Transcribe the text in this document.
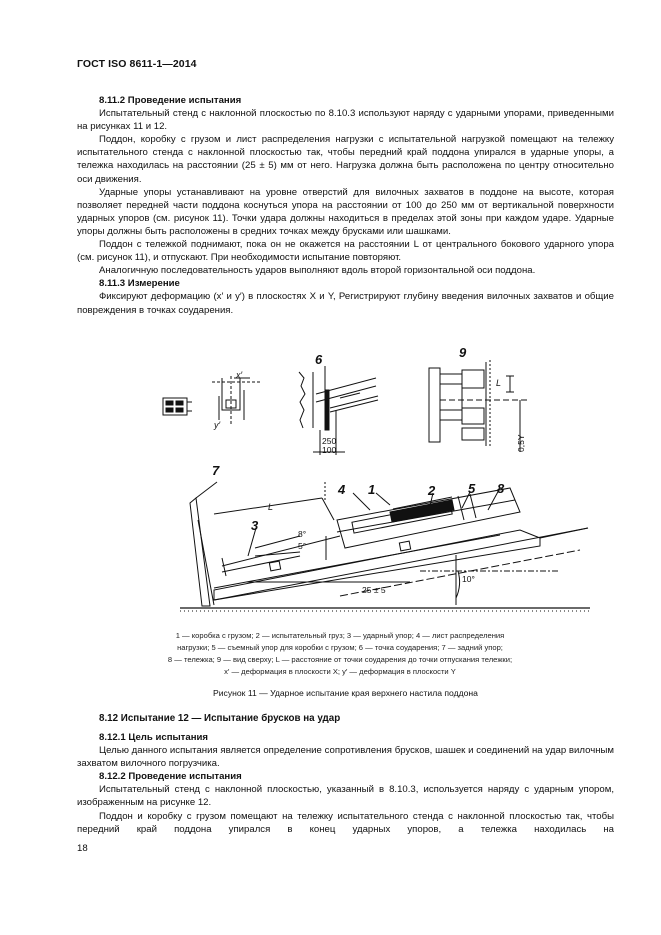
ГОСТ ISO 8611-1—2014

8.11.2 Проведение испытания

Испытательный стенд с наклонной плоскостью по 8.10.3 используют наряду с ударными упорами, приведенными на рисунках 11 и 12.

Поддон, коробку с грузом и лист распределения нагрузки с испытательной нагрузкой помещают на тележку испытательного стенда с наклонной плоскостью так, чтобы передний край поддона упирался в ударные упоры, а тележка находилась на расстоянии (25 ± 5) мм от него. Нагрузка должна быть расположена по центру относительно оси движения.

Ударные упоры устанавливают на уровне отверстий для вилочных захватов в поддоне на высоте, которая позволяет передней части поддона коснуться упора на расстоянии от 100 до 250 мм от вертикальной поверхности ударных упоров (см. рисунок 11). Точки удара должны находиться в пределах этой зоны при каждом ударе. Ударные упоры должны быть расположены в средних точках между брусками или шашками.

Поддон с тележкой поднимают, пока он не окажется на расстоянии L от центрального бокового ударного упора (см. рисунок 11), и отпускают. При необходимости испытание повторяют.

Аналогичную последовательность ударов выполняют вдоль второй горизонтальной оси поддона.

8.11.3 Измерение

Фиксируют деформацию (x′ и y′) в плоскостях X и Y, Регистрируют глубину введения вилочных захватов и общие повреждения в точках соударения.

6	9
7
4 1	2	5 8
3
L
L
x′
y′
250
100
8°
5°
10°
25 ± 5
0,5Y
1 — коробка с грузом; 2 — испытательный груз; 3 — ударный упор; 4 — лист распределения
нагрузки; 5 — съемный упор для коробки с грузом; 6 — точка соударения; 7 — задний упор;
8 — тележка; 9 — вид сверху; L — расстояние от точки соударения до точки отпускания тележки;
x′ — деформация в плоскости X; y′ — деформация в плоскости Y
Рисунок 11 — Ударное испытание края верхнего настила поддона
8.12 Испытание 12 — Испытание брусков на удар

8.12.1 Цель испытания

Целью данного испытания является определение сопротивления брусков, шашек и соединений на удар вилочным захватом вилочного погрузчика.

8.12.2 Проведение испытания

Испытательный стенд с наклонной плоскостью, указанный в 8.10.3, используется наряду с ударным упором, изображенным на рисунке 12.

Поддон и коробку с грузом помещают на тележку испытательного стенда с наклонной плоскостью так, чтобы передний край поддона упирался в конец ударных упоров, а тележка находилась на

18
